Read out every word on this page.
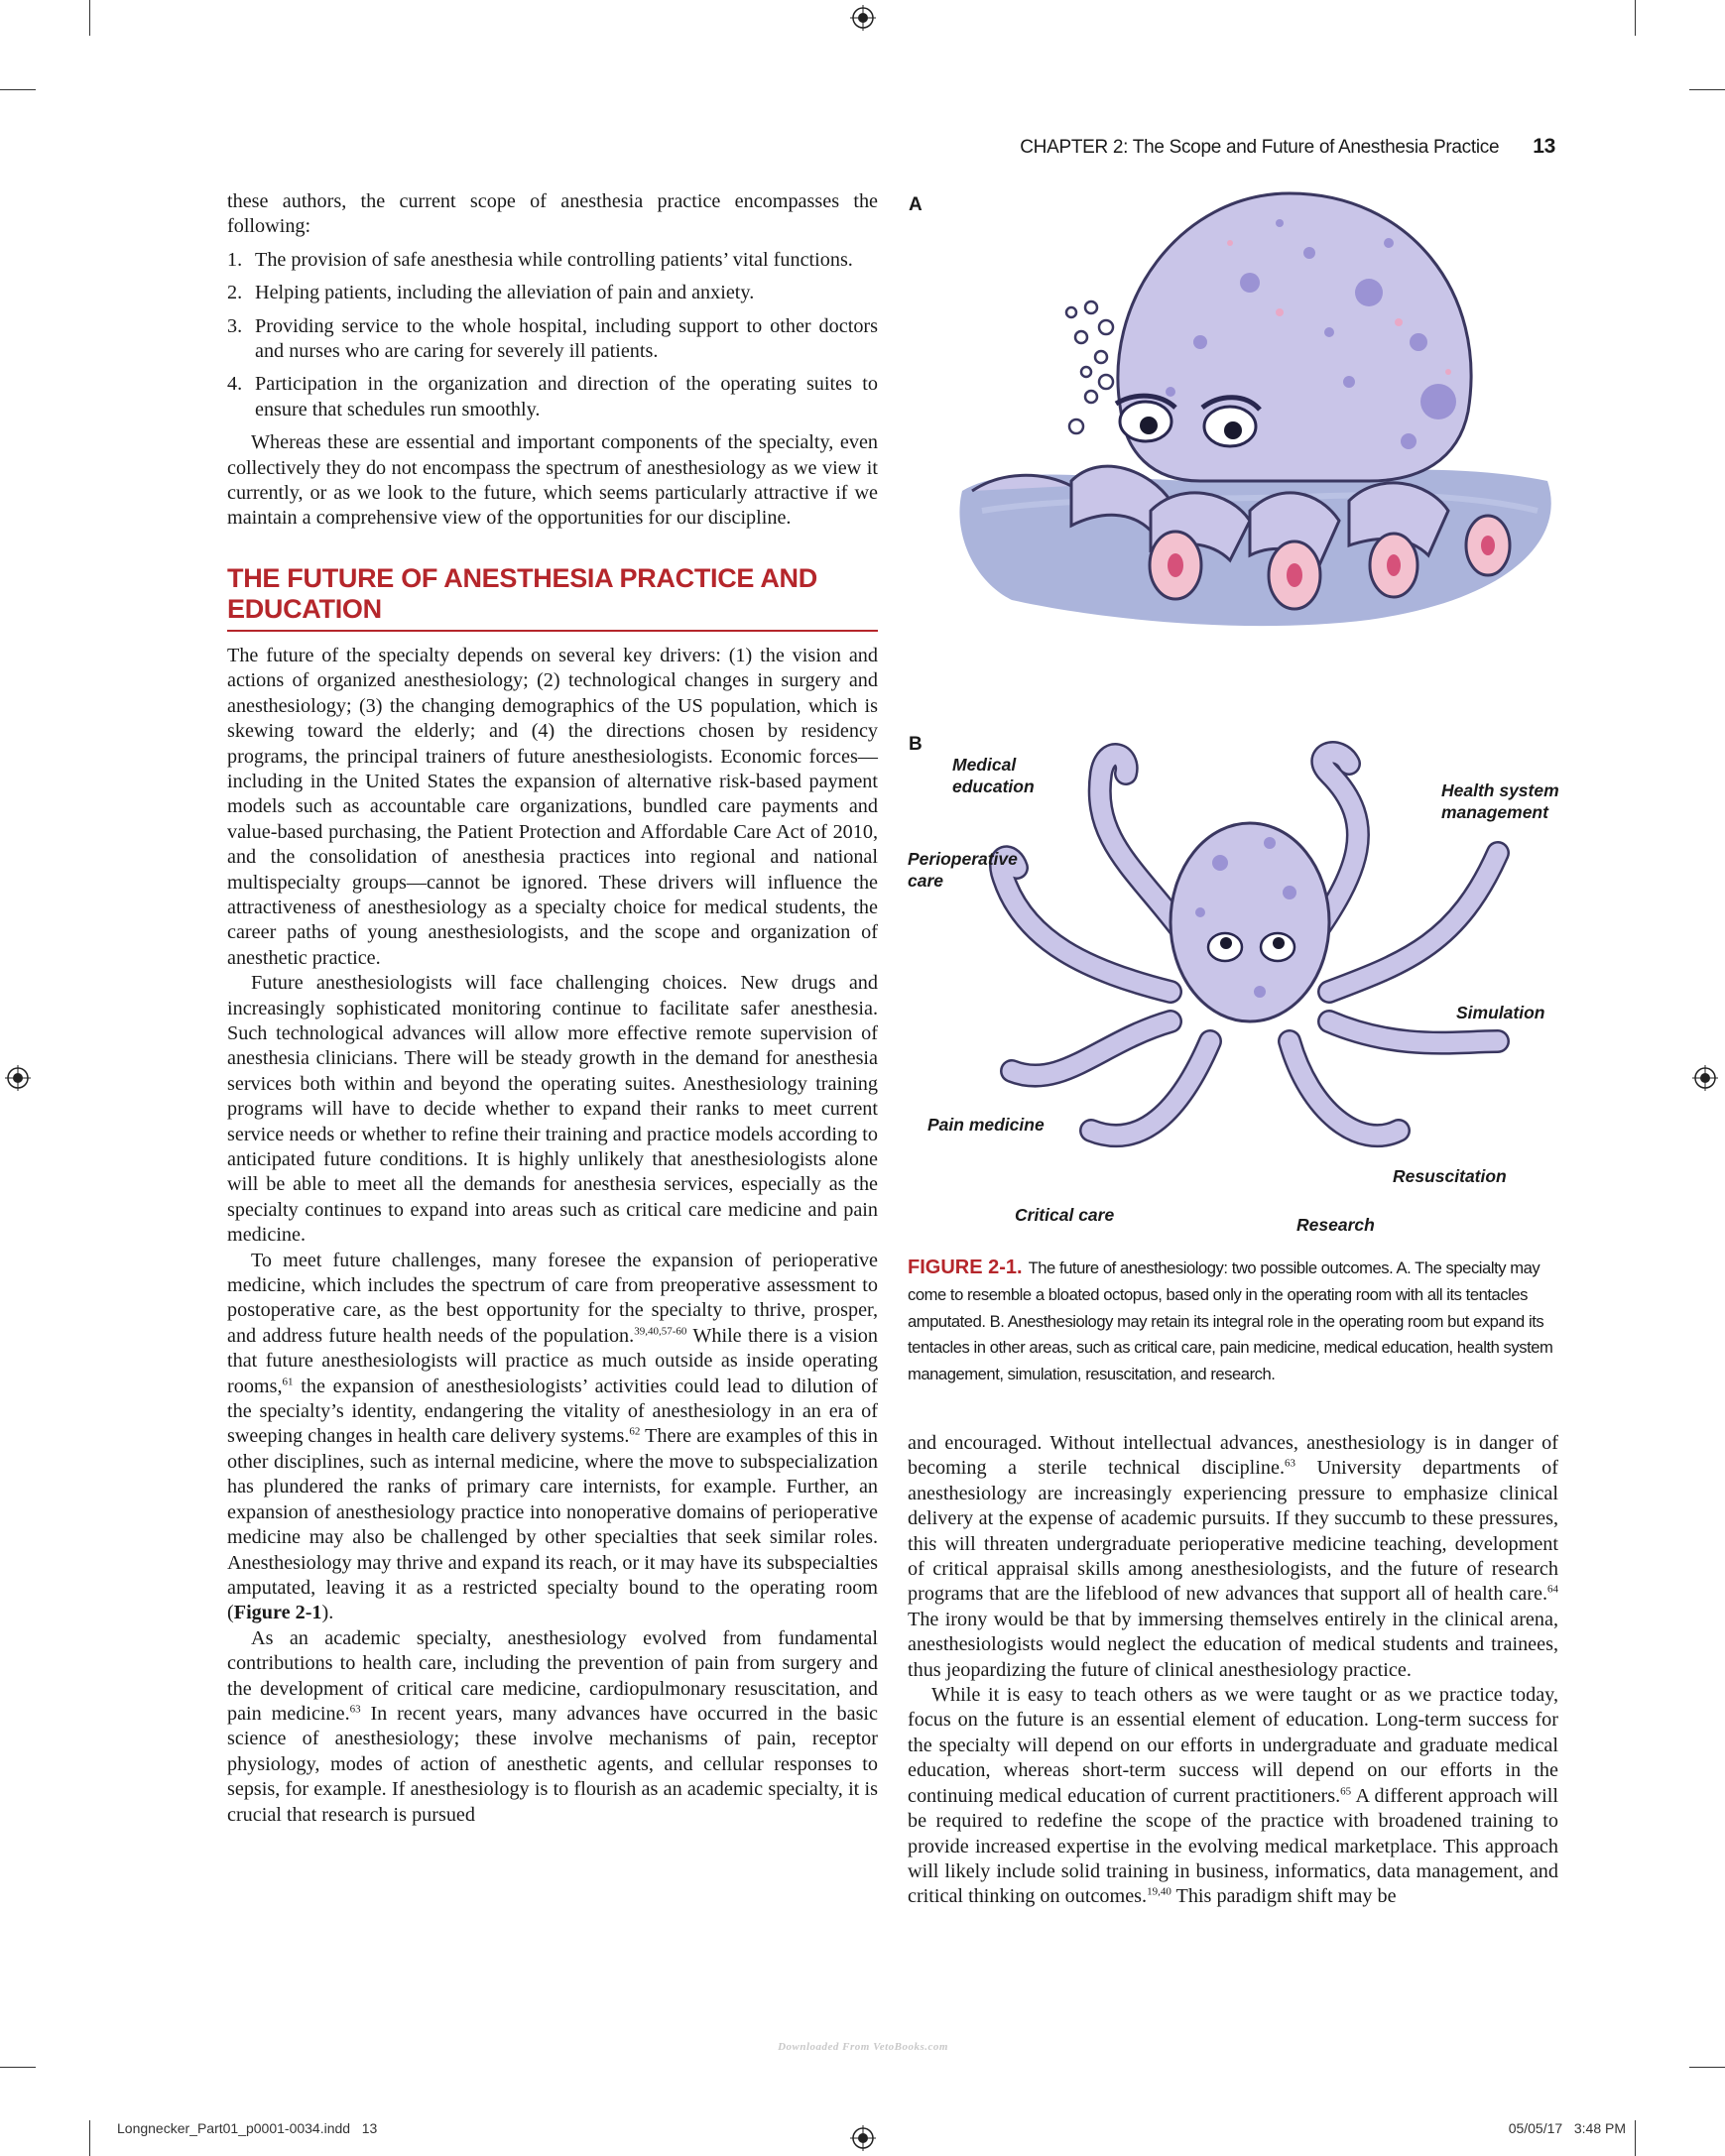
CHAPTER 2: The Scope and Future of Anesthesia Practice 13

these authors, the current scope of anesthesia practice encompasses the following:

1. The provision of safe anesthesia while controlling patients’ vital functions.
2. Helping patients, including the alleviation of pain and anxiety.
3. Providing service to the whole hospital, including support to other doctors and nurses who are caring for severely ill patients.
4. Participation in the organization and direction of the operating suites to ensure that schedules run smoothly.

Whereas these are essential and important components of the specialty, even collectively they do not encompass the spectrum of anesthesiology as we view it currently, or as we look to the future, which seems particularly attractive if we maintain a comprehensive view of the opportunities for our discipline.

THE FUTURE OF ANESTHESIA PRACTICE AND EDUCATION

The future of the specialty depends on several key drivers: (1) the vision and actions of organized anesthesiology; (2) technological changes in surgery and anesthesiology; (3) the changing demographics of the US population, which is skewing toward the elderly; and (4) the directions chosen by residency programs, the principal trainers of future anesthesiologists. Economic forces—including in the United States the expansion of alternative risk-based payment models such as accountable care organizations, bundled care payments and value-based purchasing, the Patient Protection and Affordable Care Act of 2010, and the consolidation of anesthesia practices into regional and national multispecialty groups—cannot be ignored. These drivers will influence the attractiveness of anesthesiology as a specialty choice for medical students, the career paths of young anesthesiologists, and the scope and organization of anesthetic practice.

Future anesthesiologists will face challenging choices. New drugs and increasingly sophisticated monitoring continue to facilitate safer anesthesia. Such technological advances will allow more effective remote supervision of anesthesia clinicians. There will be steady growth in the demand for anesthesia services both within and beyond the operating suites. Anesthesiology training programs will have to decide whether to expand their ranks to meet current service needs or whether to refine their training and practice models according to anticipated future conditions. It is highly unlikely that anesthesiologists alone will be able to meet all the demands for anesthesia services, especially as the specialty continues to expand into areas such as critical care medicine and pain medicine.

To meet future challenges, many foresee the expansion of perioperative medicine, which includes the spectrum of care from preoperative assessment to postoperative care, as the best opportunity for the specialty to thrive, prosper, and address future health needs of the population.$^{39,40,57-60}$ While there is a vision that future anesthesiologists will practice as much outside as inside operating rooms,$^{61}$ the expansion of anesthesiologists’ activities could lead to dilution of the specialty’s identity, endangering the vitality of anesthesiology in an era of sweeping changes in health care delivery systems.$^{62}$ There are examples of this in other disciplines, such as internal medicine, where the move to subspecialization has plundered the ranks of primary care internists, for example. Further, an expansion of anesthesiology practice into nonoperative domains of perioperative medicine may also be challenged by other specialties that seek similar roles. Anesthesiology may thrive and expand its reach, or it may have its subspecialties amputated, leaving it as a restricted specialty bound to the operating room (Figure 2-1).

As an academic specialty, anesthesiology evolved from fundamental contributions to health care, including the prevention of pain from surgery and the development of critical care medicine, cardiopulmonary resuscitation, and pain medicine.$^{63}$ In recent years, many advances have occurred in the basic science of anesthesiology; these involve mechanisms of pain, receptor physiology, modes of action of anesthetic agents, and cellular responses to sepsis, for example. If anesthesiology is to flourish as an academic specialty, it is crucial that research is pursued

A
B
Medical education	Health system management
Perioperative care
Simulation
Pain medicine
Resuscitation
Critical care	Research
FIGURE 2-1. The future of anesthesiology: two possible outcomes. A. The specialty may come to resemble a bloated octopus, based only in the operating room with all its tentacles amputated. B. Anesthesiology may retain its integral role in the operating room but expand its tentacles in other areas, such as critical care, pain medicine, medical education, health system management, simulation, resuscitation, and research.

and encouraged. Without intellectual advances, anesthesiology is in danger of becoming a sterile technical discipline.$^{63}$ University departments of anesthesiology are increasingly experiencing pressure to emphasize clinical delivery at the expense of academic pursuits. If they succumb to these pressures, this will threaten undergraduate perioperative medicine teaching, development of critical appraisal skills among anesthesiologists, and the future of research programs that are the lifeblood of new advances that support all of health care.$^{64}$ The irony would be that by immersing themselves entirely in the clinical arena, anesthesiologists would neglect the education of medical students and trainees, thus jeopardizing the future of clinical anesthesiology practice.

While it is easy to teach others as we were taught or as we practice today, focus on the future is an essential element of education. Long-term success for the specialty will depend on our efforts in undergraduate and graduate medical education, whereas short-term success will depend on our efforts in the continuing medical education of current practitioners.$^{65}$ A different approach will be required to redefine the scope of the practice with broadened training to provide increased expertise in the evolving medical marketplace. This approach will likely include solid training in business, informatics, data management, and critical thinking on outcomes.$^{19,40}$ This paradigm shift may be

Downloaded From VetoBooks.com
Longnecker_Part01_p0001-0034.indd   13	05/05/17   3:48 PM
